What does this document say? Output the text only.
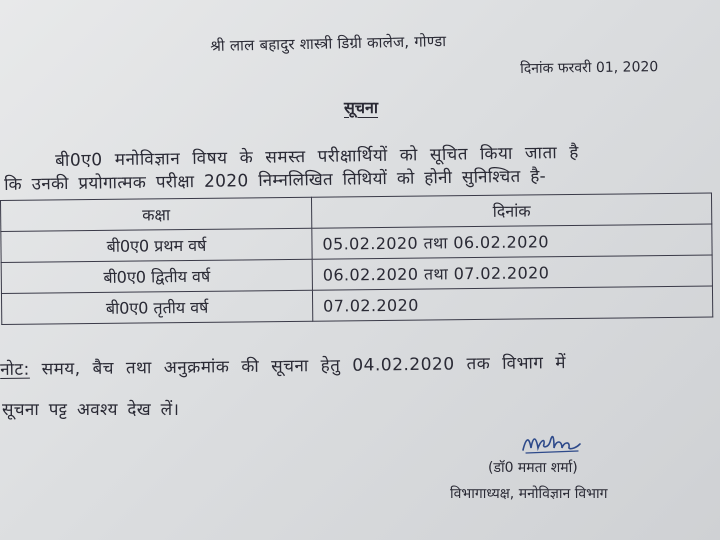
श्री लाल बहादुर शास्त्री डिग्री कालेज, गोण्डा
दिनांक फरवरी 01, 2020
सूचना
बी0ए0 मनोविज्ञान विषय के समस्त परीक्षार्थियों को सूचित किया जाता है
कि उनकी प्रयोगात्मक परीक्षा 2020 निम्नलिखित तिथियों को होनी सुनिश्चित है-
कक्षा	दिनांक
बी0ए0 प्रथम वर्ष	05.02.2020 तथा 06.02.2020
बी0ए0 द्वितीय वर्ष	06.02.2020 तथा 07.02.2020
बी0ए0 तृतीय वर्ष	07.02.2020
नोट: समय, बैच तथा अनुक्रमांक की सूचना हेतु 04.02.2020 तक विभाग में
सूचना पट्ट अवश्य देख लें।
(डॉ0 ममता शर्मा)
विभागाध्यक्ष, मनोविज्ञान विभाग
